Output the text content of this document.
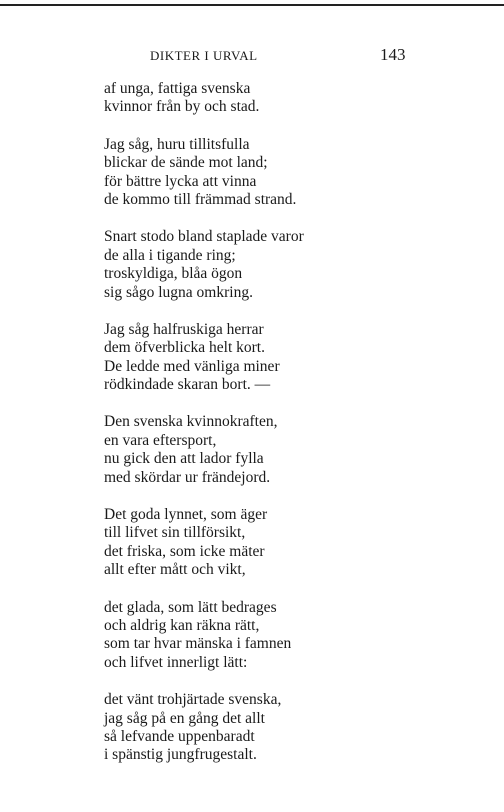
DIKTER I URVAL	143
af unga, fattiga svenska
kvinnor från by och stad.
Jag såg, huru tillitsfulla
blickar de sände mot land;
för bättre lycka att vinna
de kommo till främmad strand.
Snart stodo bland staplade varor
de alla i tigande ring;
troskyldiga, blåa ögon
sig sågo lugna omkring.
Jag såg halfruskiga herrar
dem öfverblicka helt kort.
De ledde med vänliga miner
rödkindade skaran bort. —
Den svenska kvinnokraften,
en vara eftersport,
nu gick den att lador fylla
med skördar ur frändejord.
Det goda lynnet, som äger
till lifvet sin tillförsikt,
det friska, som icke mäter
allt efter mått och vikt,
det glada, som lätt bedrages
och aldrig kan räkna rätt,
som tar hvar mänska i famnen
och lifvet innerligt lätt:
det vänt trohjärtade svenska,
jag såg på en gång det allt
så lefvande uppenbaradt
i spänstig jungfrugestalt.
